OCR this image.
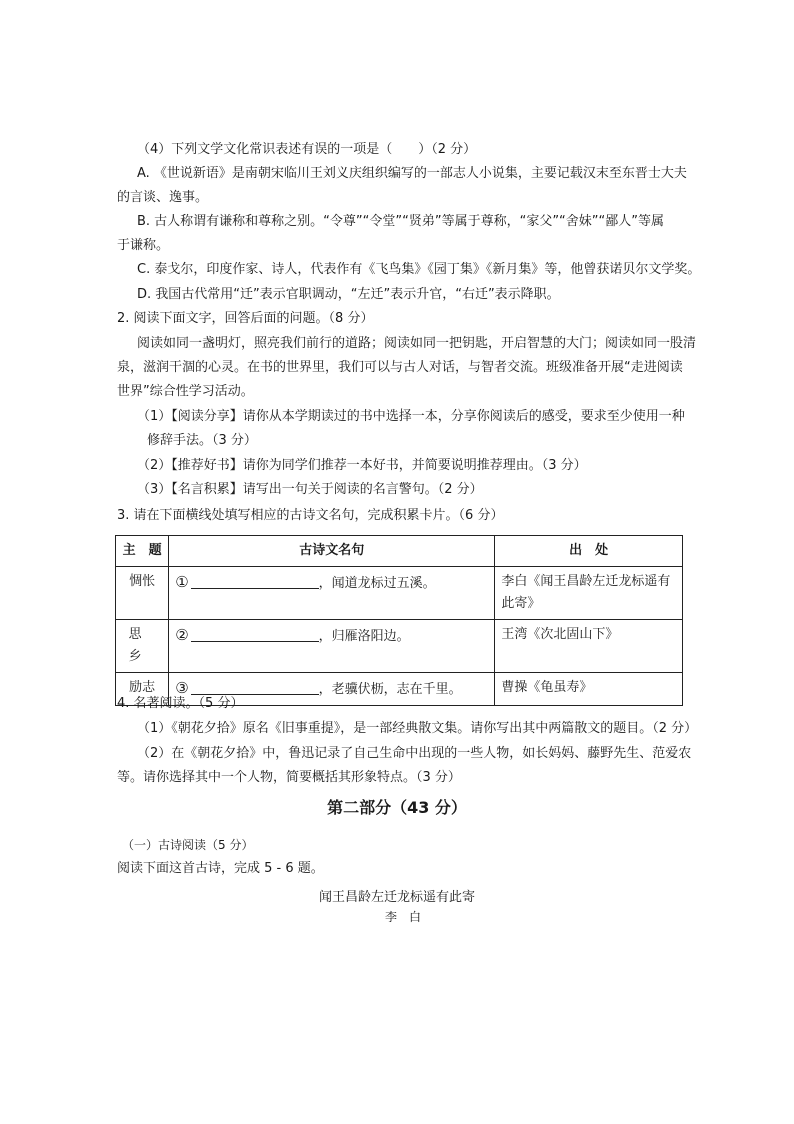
（4）下列文学文化常识表述有误的一项是（　　）（2 分）
A. 《世说新语》是南朝宋临川王刘义庆组织编写的一部志人小说集，主要记载汉末至东晋士大夫
的言谈、逸事。
B. 古人称谓有谦称和尊称之别。“令尊”“令堂”“贤弟”等属于尊称，“家父”“舍妹”“鄙人”等属
于谦称。
C. 泰戈尔，印度作家、诗人，代表作有《飞鸟集》《园丁集》《新月集》等，他曾获诺贝尔文学奖。
D. 我国古代常用“迁”表示官职调动，“左迁”表示升官，“右迁”表示降职。
2. 阅读下面文字，回答后面的问题。（8 分）
阅读如同一盏明灯，照亮我们前行的道路；阅读如同一把钥匙，开启智慧的大门；阅读如同一股清
泉，滋润干涸的心灵。在书的世界里，我们可以与古人对话，与智者交流。班级准备开展“走进阅读
世界”综合性学习活动。
（1）【阅读分享】请你从本学期读过的书中选择一本，分享你阅读后的感受，要求至少使用一种
修辞手法。（3 分）
（2）【推荐好书】请你为同学们推荐一本好书，并简要说明推荐理由。（3 分）
（3）【名言积累】请写出一句关于阅读的名言警句。（2 分）
3. 请在下面横线处填写相应的古诗文名句，完成积累卡片。（6 分）
主　题	古诗文名句	出　处
惆怅	① ，闻道龙标过五溪。	李白《闻王昌龄左迁龙标遥有此寄》
思乡	② ，归雁洛阳边。	王湾《次北固山下》
励志	③ ，老骥伏枥，志在千里。	曹操《龟虽寿》
4. 名著阅读。（5 分）
（1）《朝花夕拾》原名《旧事重提》，是一部经典散文集。请你写出其中两篇散文的题目。（2 分）
（2）在《朝花夕拾》中，鲁迅记录了自己生命中出现的一些人物，如长妈妈、藤野先生、范爱农
等。请你选择其中一个人物，简要概括其形象特点。（3 分）
第二部分（43 分）
（一）古诗阅读（5 分）
阅读下面这首古诗，完成 5 - 6 题。
闻王昌龄左迁龙标遥有此寄
李白
